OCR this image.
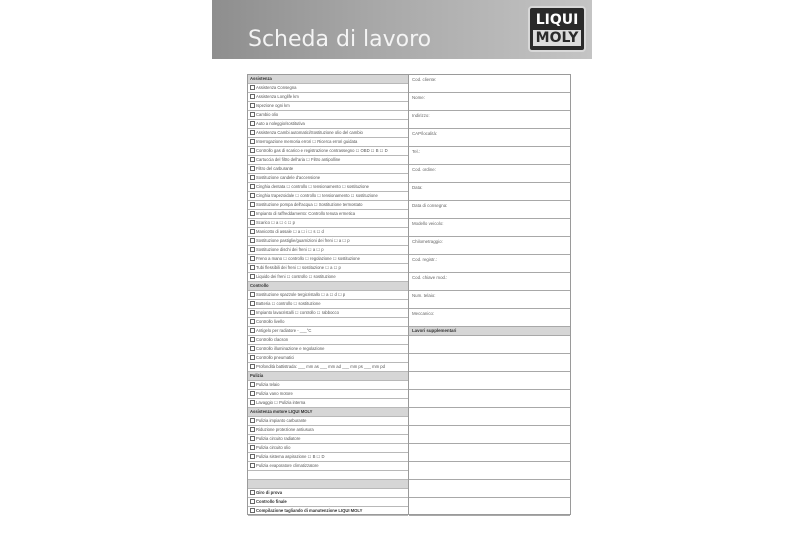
Scheda di lavoro
LIQUI
MOLY
Assistenza
Assistenza Consegna
Assistenza Longlife km
Ispezione ogni km
Cambio olio
Auto a noleggio/sostitutiva
Assistenza Cambi automatici/Sostituzione olio del cambio
Interrogazione memoria errori ☐ Ricerca errori guidata
Controllo gas di scarico e registrazione contrassegno ☐ OBD ☐ B ☐ D
Cartuccia del filtro dell'aria ☐ Filtro antipolline
Filtro del carburante
Sostituzione candele d'accensione
Cinghia dentata ☐ controllo ☐ tensionamento ☐ sostituzione
Cinghia trapezoidale ☐ controllo ☐ tensionamento ☐ sostituzione
Sostituzione pompa dell'acqua ☐ Sostituzione termostato
Impianto di raffreddamento: Controllo tenuta ermetica
Scarico ☐ a ☐ c ☐ p
Manicotto di assale ☐ a ☐ i ☐ s ☐ d
Sostituzione pastiglie/guarnizioni dei freni ☐ a ☐ p
Sostituzione dischi dei freni ☐ a ☐ p
Freno a mano ☐ controllo ☐ regolazione ☐ sostituzione
Tubi flessibili dei freni ☐ sostituzione ☐ a ☐ p
Liquido dei freni ☐ controllo ☐ sostituzione
Controllo
Sostituzione spazzole tergicristallo ☐ a ☐ d ☐ p
Batteria ☐ controllo ☐ sostituzione
Impianto lavacristalli ☐ controllo ☐ rabbocco
Controllo livello
Antigelo per radiatore - ___°C
Controllo clacson
Controllo illuminazione e regolazione
Controllo pneumatici
Profondità battistrada: ___ mm as ___ mm ad ___ mm ps ___ mm pd
Pulizia
Pulizia telaio
Pulizia vano motore
Lavaggio ☐ Pulizia interna
Assistenza motore LIQUI MOLY
Pulizia impianto carburante
Riduzione protezione antiusura
Pulizia circuito radiatore
Pulizia circuito olio
Pulizia sistema aspirazione ☐ B ☐ D
Pulizia evaporatore climatizzatore
Giro di prova
Controllo finale
Compilazione tagliando di manutenzione LIQUI MOLY
Cod. cliente:
Nome:
Indirizzo:
CAP/località:
Tel.:
Cod. ordine:
Data:
Data di consegna:
Modello veicolo:
Chilometraggio:
Cod. registr.:
Cod. chiave mod.:
Num. telaio:
Meccanico:
Lavori supplementari
